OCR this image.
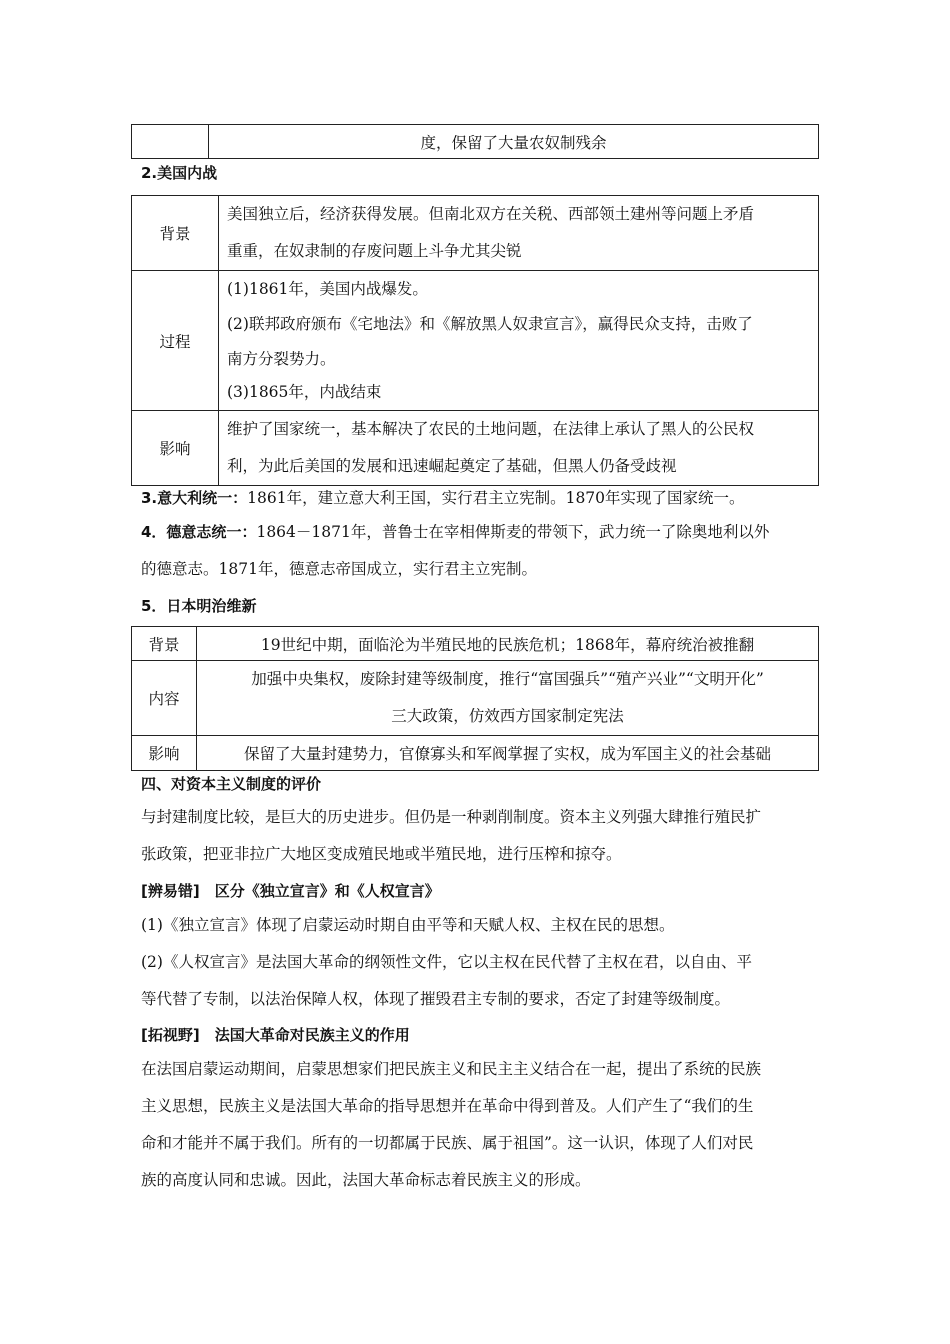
	度，保留了大量农奴制残余
2.美国内战
背景	美国独立后，经济获得发展。但南北双方在关税、西部领土建州等问题上矛盾
重重，在奴隶制的存废问题上斗争尤其尖锐

过程	(1)1861年，美国内战爆发。
(2)联邦政府颁布《宅地法》和《解放黑人奴隶宣言》，赢得民众支持，击败了
南方分裂势力。
(3)1865年，内战结束

影响	维护了国家统一，基本解决了农民的土地问题，在法律上承认了黑人的公民权
利，为此后美国的发展和迅速崛起奠定了基础，但黑人仍备受歧视
3.意大利统一：1861年，建立意大利王国，实行君主立宪制。1870年实现了国家统一。
4．德意志统一：1864－1871年，普鲁士在宰相俾斯麦的带领下，武力统一了除奥地利以外
的德意志。1871年，德意志帝国成立，实行君主立宪制。
5．日本明治维新
背景	19世纪中期，面临沦为半殖民地的民族危机；1868年，幕府统治被推翻
内容	加强中央集权，废除封建等级制度，推行“富国强兵”“殖产兴业”“文明开化”
三大政策，仿效西方国家制定宪法

影响	保留了大量封建势力，官僚寡头和军阀掌握了实权，成为军国主义的社会基础
四、对资本主义制度的评价
与封建制度比较，是巨大的历史进步。但仍是一种剥削制度。资本主义列强大肆推行殖民扩
张政策，把亚非拉广大地区变成殖民地或半殖民地，进行压榨和掠夺。
[辨易错]　区分《独立宣言》和《人权宣言》
(1)《独立宣言》体现了启蒙运动时期自由平等和天赋人权、主权在民的思想。
(2)《人权宣言》是法国大革命的纲领性文件，它以主权在民代替了主权在君，以自由、平
等代替了专制，以法治保障人权，体现了摧毁君主专制的要求，否定了封建等级制度。
[拓视野]　法国大革命对民族主义的作用
在法国启蒙运动期间，启蒙思想家们把民族主义和民主主义结合在一起，提出了系统的民族
主义思想，民族主义是法国大革命的指导思想并在革命中得到普及。人们产生了“我们的生
命和才能并不属于我们。所有的一切都属于民族、属于祖国”。这一认识，体现了人们对民
族的高度认同和忠诚。因此，法国大革命标志着民族主义的形成。
